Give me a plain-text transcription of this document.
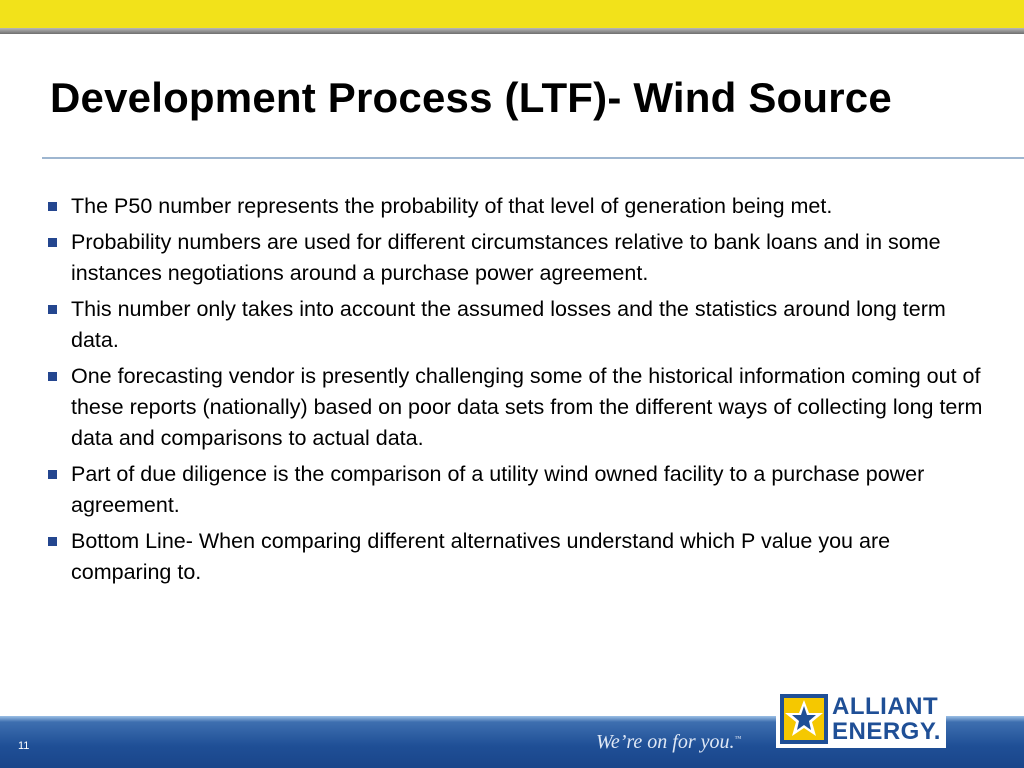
Development Process (LTF)- Wind Source
The P50 number represents the probability of that level of generation being met.
Probability numbers are used for different circumstances relative to bank loans and in some instances negotiations around a purchase power agreement.
This number only takes into account the assumed losses and the statistics around long term data.
One forecasting vendor is presently challenging some of the historical information coming out of these reports (nationally) based on poor data sets from the different ways of collecting long term data and comparisons to actual data.
Part of due diligence is the comparison of a utility wind owned facility to a purchase power agreement.
Bottom Line- When comparing different alternatives understand which P value you are comparing to.
11	We’re on for you.™
ALLIANT
ENERGY.
